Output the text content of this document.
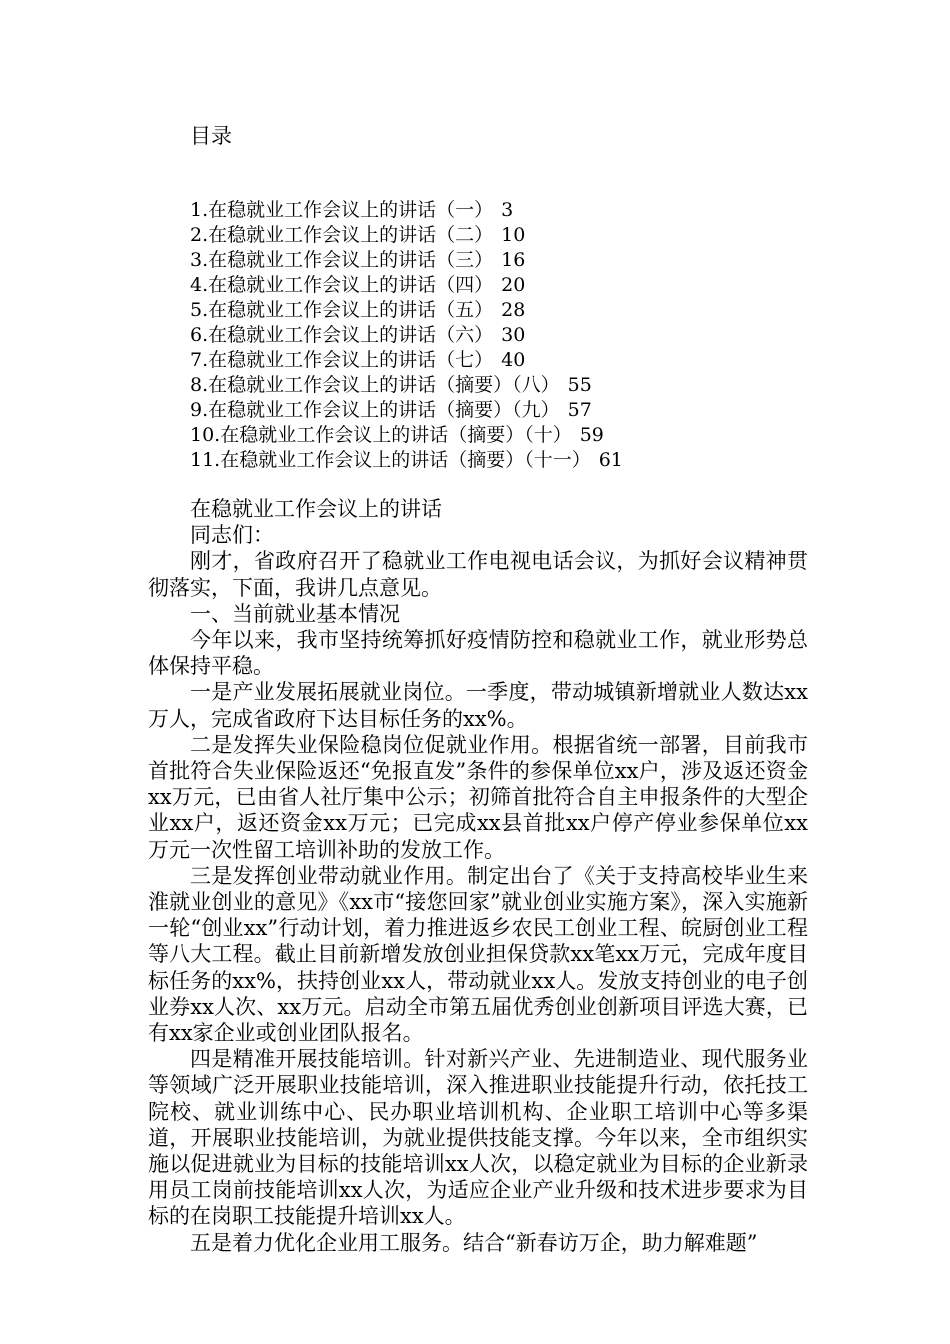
目录
1.在稳就业工作会议上的讲话（一） 3
2.在稳就业工作会议上的讲话（二） 10
3.在稳就业工作会议上的讲话（三） 16
4.在稳就业工作会议上的讲话（四） 20
5.在稳就业工作会议上的讲话（五） 28
6.在稳就业工作会议上的讲话（六） 30
7.在稳就业工作会议上的讲话（七） 40
8.在稳就业工作会议上的讲话（摘要）（八） 55
9.在稳就业工作会议上的讲话（摘要）（九） 57
10.在稳就业工作会议上的讲话（摘要）（十） 59
11.在稳就业工作会议上的讲话（摘要）（十一） 61

在稳就业工作会议上的讲话

同志们：

刚才，省政府召开了稳就业工作电视电话会议，为抓好会议精神贯彻落实，下面，我讲几点意见。

一、当前就业基本情况

今年以来，我市坚持统筹抓好疫情防控和稳就业工作，就业形势总体保持平稳。

一是产业发展拓展就业岗位。一季度，带动城镇新增就业人数达xx万人，完成省政府下达目标任务的xx%。

二是发挥失业保险稳岗位促就业作用。根据省统一部署，目前我市首批符合失业保险返还“免报直发”条件的参保单位xx户，涉及返还资金xx万元，已由省人社厅集中公示；初筛首批符合自主申报条件的大型企业xx户，返还资金xx万元；已完成xx县首批xx户停产停业参保单位xx万元一次性留工培训补助的发放工作。

三是发挥创业带动就业作用。制定出台了《关于支持高校毕业生来淮就业创业的意见》《xx市“接您回家”就业创业实施方案》，深入实施新一轮“创业xx”行动计划，着力推进返乡农民工创业工程、皖厨创业工程等八大工程。截止目前新增发放创业担保贷款xx笔xx万元，完成年度目标任务的xx%，扶持创业xx人，带动就业xx人。发放支持创业的电子创业券xx人次、xx万元。启动全市第五届优秀创业创新项目评选大赛，已有xx家企业或创业团队报名。

四是精准开展技能培训。针对新兴产业、先进制造业、现代服务业等领域广泛开展职业技能培训，深入推进职业技能提升行动，依托技工院校、就业训练中心、民办职业培训机构、企业职工培训中心等多渠道，开展职业技能培训，为就业提供技能支撑。今年以来，全市组织实施以促进就业为目标的技能培训xx人次，以稳定就业为目标的企业新录用员工岗前技能培训xx人次，为适应企业产业升级和技术进步要求为目标的在岗职工技能提升培训xx人。

五是着力优化企业用工服务。结合“新春访万企，助力解难题”
